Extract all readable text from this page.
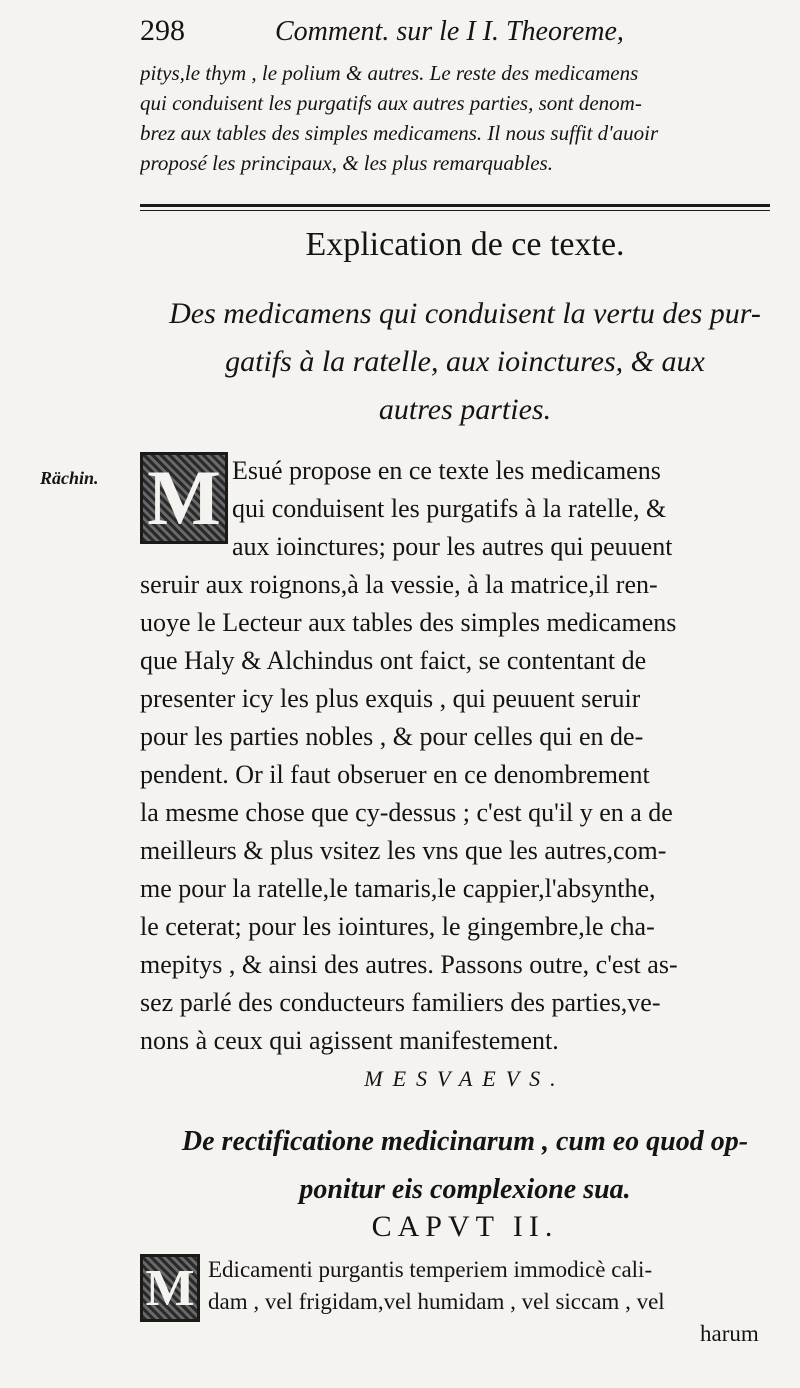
298	Comment. sur le I I. Theoreme,
pitys,le thym , le polium & autres. Le reste des medicamens
qui conduisent les purgatifs aux autres parties, sont denom-
brez aux tables des simples medicamens. Il nous suffit d'auoir
proposé les principaux, & les plus remarquables.
Explication de ce texte.
Des medicamens qui conduisent la vertu des pur-
gatifs à la ratelle, aux ioinctures, & aux
autres parties.
Rächin. M Esué propose en ce texte les medicamens
qui conduisent les purgatifs à la ratelle, &
aux ioinctures; pour les autres qui peuuent
seruir aux roignons,à la vessie, à la matrice,il ren-
uoye le Lecteur aux tables des simples medicamens
que Haly & Alchindus ont faict, se contentant de
presenter icy les plus exquis , qui peuuent seruir
pour les parties nobles , & pour celles qui en de-
pendent. Or il faut obseruer en ce denombrement
la mesme chose que cy-dessus ; c'est qu'il y en a de
meilleurs & plus vsitez les vns que les autres,com-
me pour la ratelle,le tamaris,le cappier,l'absynthe,
le ceterat; pour les iointures, le gingembre,le cha-
mepitys , & ainsi des autres. Passons outre, c'est as-
sez parlé des conducteurs familiers des parties,ve-
nons à ceux qui agissent manifestement.
MESVAEVS.
De rectificatione medicinarum , cum eo quod op-
ponitur eis complexione sua.
CAPVT II.
M Edicamenti purgantis temperiem immodicè cali-
dam , vel frigidam,vel humidam , vel siccam , vel
harum
